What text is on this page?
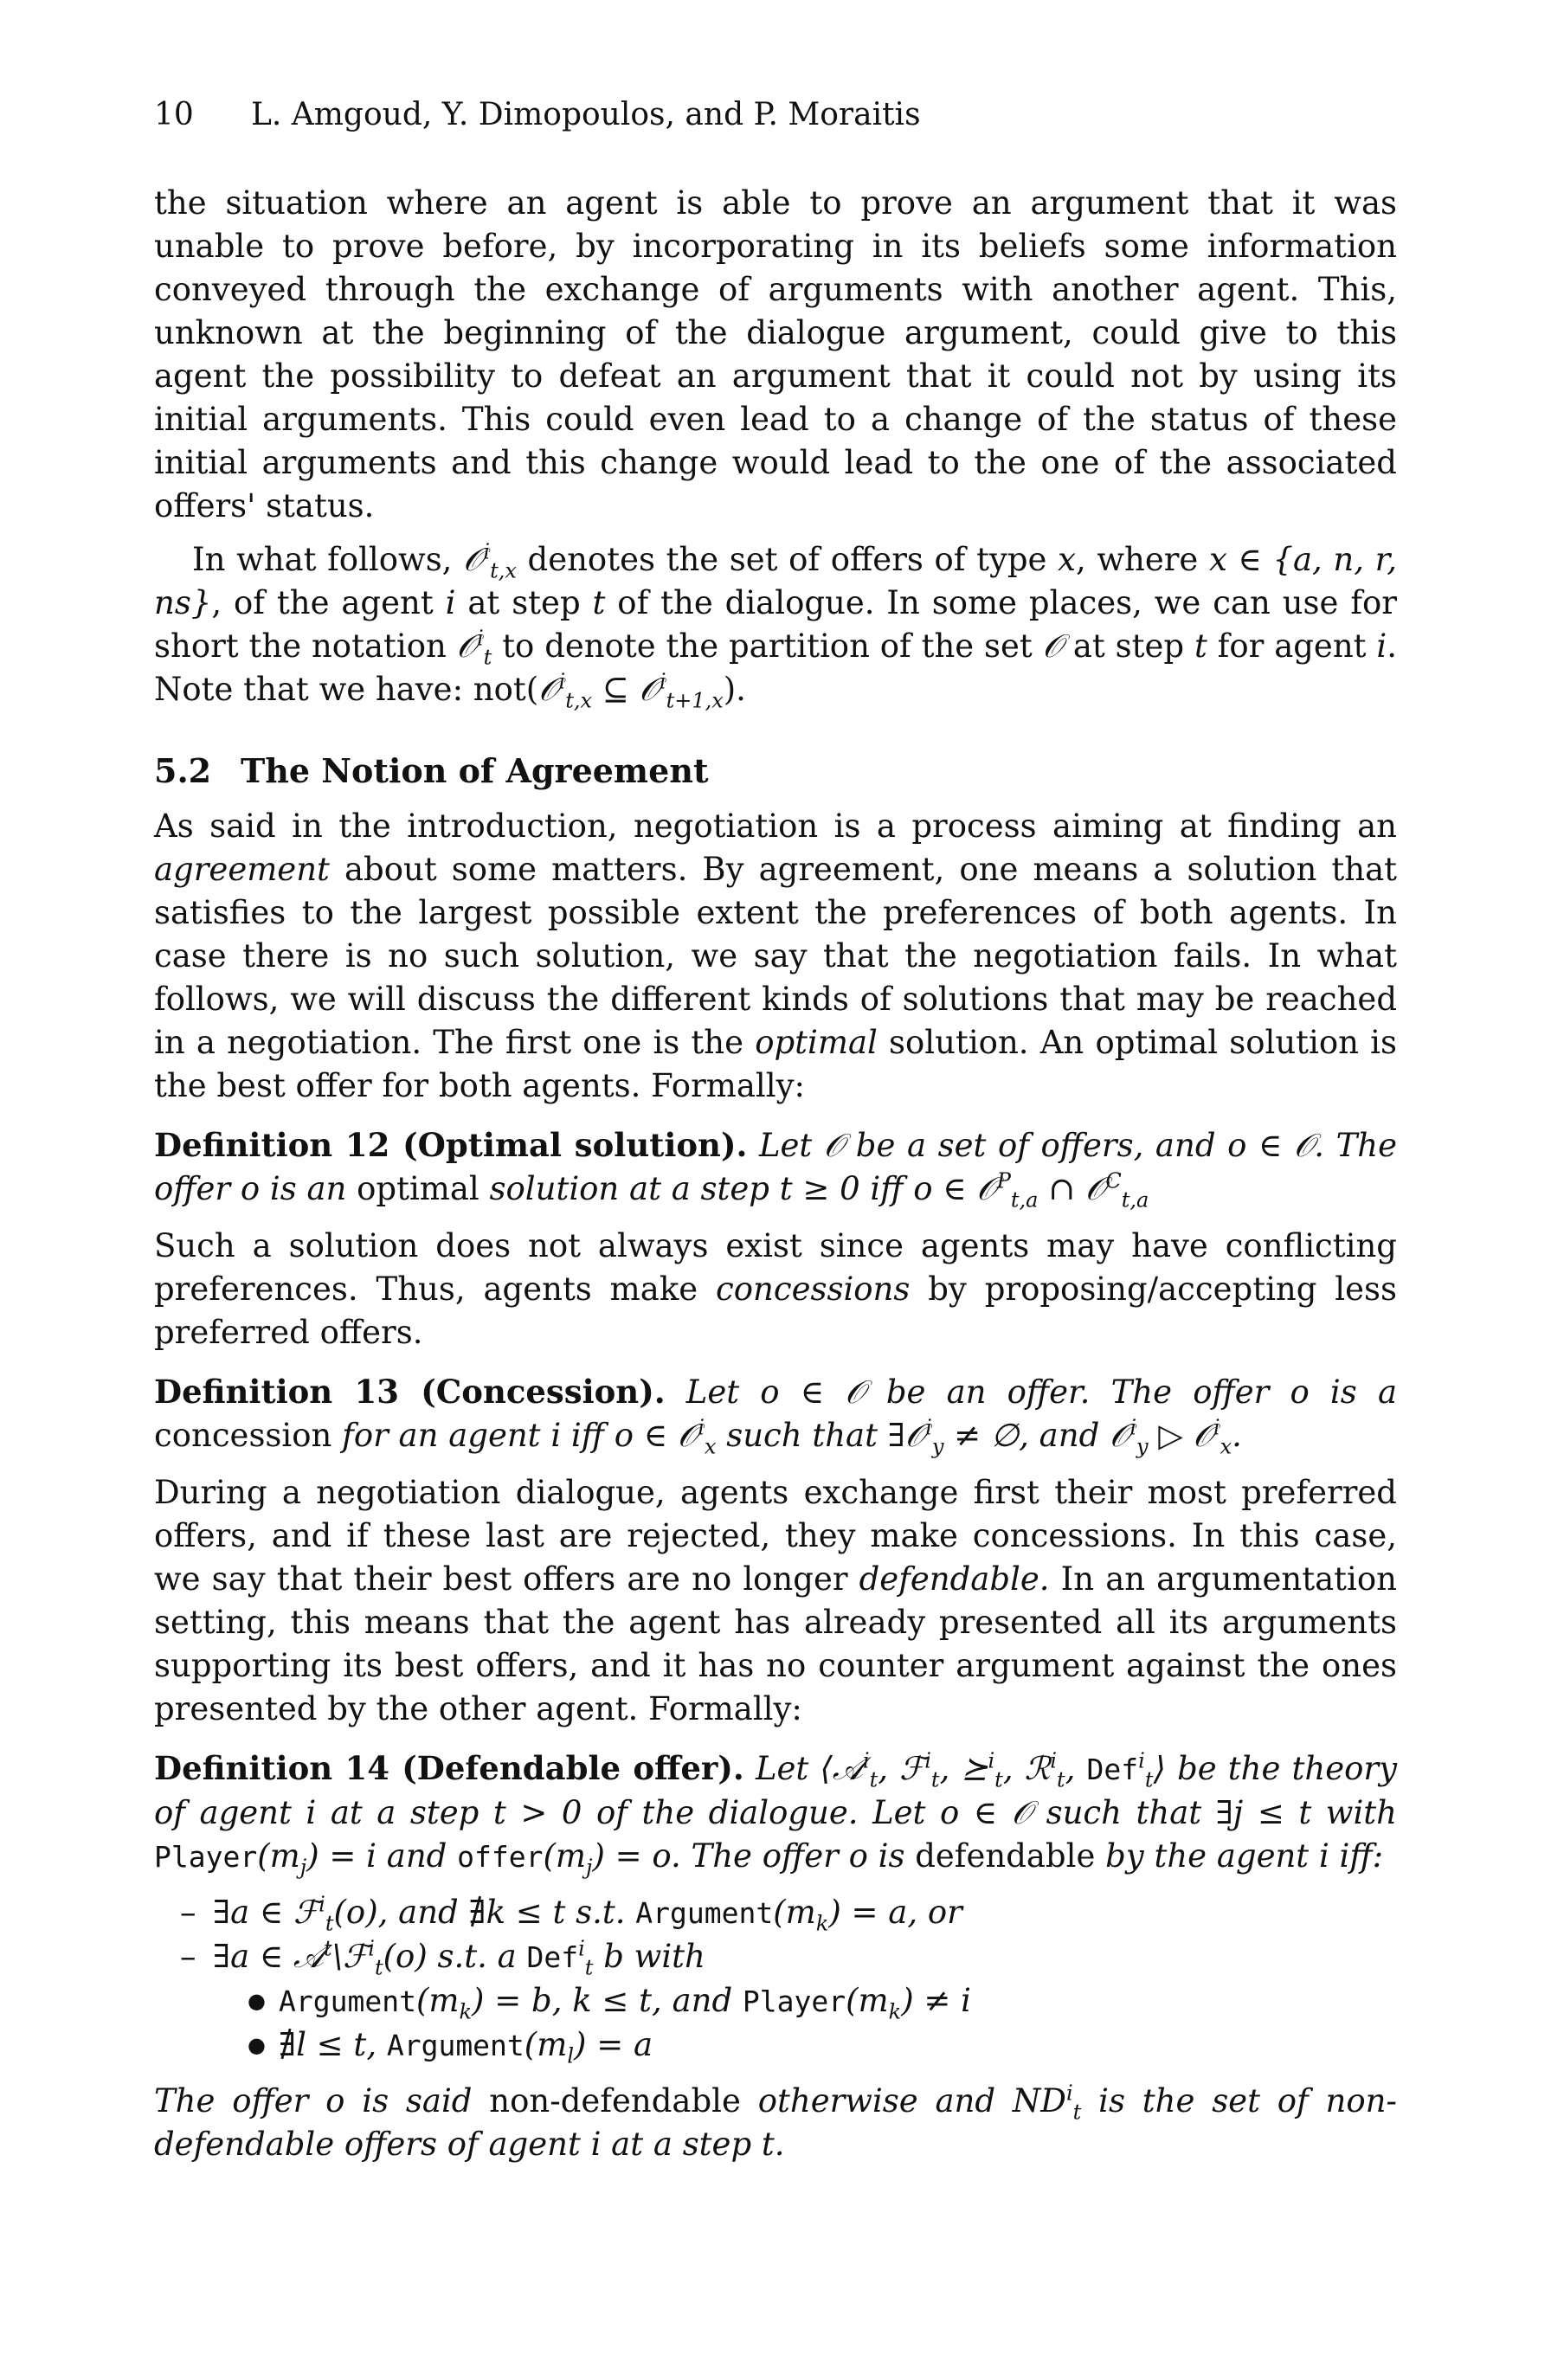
10	L. Amgoud, Y. Dimopoulos, and P. Moraitis

the situation where an agent is able to prove an argument that it was unable to prove before, by incorporating in its beliefs some information conveyed through the exchange of arguments with another agent. This, unknown at the beginning of the dialogue argument, could give to this agent the possibility to defeat an argument that it could not by using its initial arguments. This could even lead to a change of the status of these initial arguments and this change would lead to the one of the associated offers' status.

In what follows, 𝒪$^i_{t,x}$ denotes the set of offers of type x, where x ∈ {a, n, r, ns}, of the agent i at step t of the dialogue. In some places, we can use for short the notation 𝒪$^i_t$ to denote the partition of the set 𝒪 at step t for agent i. Note that we have: not(𝒪$^i_{t,x}$ ⊆ 𝒪$^i_{t+1,x}$).

5.2 The Notion of Agreement

As said in the introduction, negotiation is a process aiming at finding an agreement about some matters. By agreement, one means a solution that satisfies to the largest possible extent the preferences of both agents. In case there is no such solution, we say that the negotiation fails. In what follows, we will discuss the different kinds of solutions that may be reached in a negotiation. The first one is the optimal solution. An optimal solution is the best offer for both agents. Formally:

Definition 12 (Optimal solution). Let 𝒪 be a set of offers, and o ∈ 𝒪. The offer o is an optimal solution at a step t ≥ 0 iff o ∈ 𝒪$^P_{t,a}$ ∩ 𝒪$^C_{t,a}$

Such a solution does not always exist since agents may have conflicting preferences. Thus, agents make concessions by proposing/accepting less preferred offers.

Definition 13 (Concession). Let o ∈ 𝒪 be an offer. The offer o is a concession for an agent i iff o ∈ 𝒪$^i_x$ such that ∃𝒪$^i_y$ ≠ ∅, and 𝒪$^i_y$ ▷ 𝒪$^i_x$.

During a negotiation dialogue, agents exchange first their most preferred offers, and if these last are rejected, they make concessions. In this case, we say that their best offers are no longer defendable. In an argumentation setting, this means that the agent has already presented all its arguments supporting its best offers, and it has no counter argument against the ones presented by the other agent. Formally:

Definition 14 (Defendable offer). Let ⟨𝒜$^i_t$, ℱ$^i_t$, ⪰$^i_t$, ℛ$^i_t$, Def$^i_t$⟩ be the theory of agent i at a step t > 0 of the dialogue. Let o ∈ 𝒪 such that ∃j ≤ t with $Player(m_j) = i$ and $offer(m_j) = o$. The offer o is defendable by the agent i iff:
– ∃a ∈ ℱ$^i_t$(o), and ∄k ≤ t s.t. $Argument(m_k) = a$, or
– ∃a ∈ 𝒜$^t$\ℱ$^i_t$(o) s.t. a Def$^i_t$ b with
● $Argument(m_k) = b$, k ≤ t, and $Player(m_k) \ne i$
● ∄l ≤ t, $Argument(m_l) = a$

The offer o is said non-defendable otherwise and $ND^i_t$ is the set of non-defendable offers of agent i at a step t.
